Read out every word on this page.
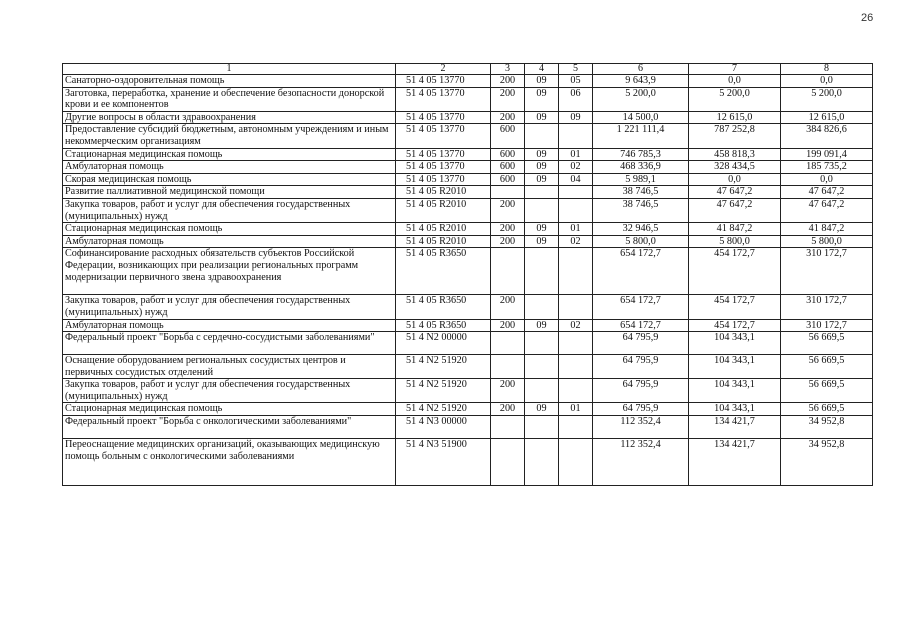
26
1	2	3	4	5	6	7	8
Санаторно-оздоровительная помощь	51 4 05 13770	200	09	05	9 643,9	0,0	0,0
Заготовка, переработка, хранение и обеспечение безопасности донорской крови и ее компонентов	51 4 05 13770	200	09	06	5 200,0	5 200,0	5 200,0
Другие вопросы в области здравоохранения	51 4 05 13770	200	09	09	14 500,0	12 615,0	12 615,0
Предоставление субсидий бюджетным, автономным учреждениям и иным некоммерческим организациям	51 4 05 13770	600			1 221 111,4	787 252,8	384 826,6
Стационарная медицинская помощь	51 4 05 13770	600	09	01	746 785,3	458 818,3	199 091,4
Амбулаторная помощь	51 4 05 13770	600	09	02	468 336,9	328 434,5	185 735,2
Скорая медицинская помощь	51 4 05 13770	600	09	04	5 989,1	0,0	0,0
Развитие паллиативной медицинской помощи	51 4 05 R2010				38 746,5	47 647,2	47 647,2
Закупка товаров, работ и услуг для обеспечения государственных (муниципальных) нужд	51 4 05 R2010	200			38 746,5	47 647,2	47 647,2
Стационарная медицинская помощь	51 4 05 R2010	200	09	01	32 946,5	41 847,2	41 847,2
Амбулаторная помощь	51 4 05 R2010	200	09	02	5 800,0	5 800,0	5 800,0
Софинансирование расходных обязательств субъектов Российской Федерации, возникающих при реализации региональных программ модернизации первичного звена здравоохранения	51 4 05 R3650				654 172,7	454 172,7	310 172,7
Закупка товаров, работ и услуг для обеспечения государственных (муниципальных) нужд	51 4 05 R3650	200			654 172,7	454 172,7	310 172,7
Амбулаторная помощь	51 4 05 R3650	200	09	02	654 172,7	454 172,7	310 172,7
Федеральный проект "Борьба с сердечно-сосудистыми заболеваниями"	51 4 N2 00000				64 795,9	104 343,1	56 669,5
Оснащение оборудованием региональных сосудистых центров и первичных сосудистых отделений	51 4 N2 51920				64 795,9	104 343,1	56 669,5
Закупка товаров, работ и услуг для обеспечения государственных (муниципальных) нужд	51 4 N2 51920	200			64 795,9	104 343,1	56 669,5
Стационарная медицинская помощь	51 4 N2 51920	200	09	01	64 795,9	104 343,1	56 669,5
Федеральный проект "Борьба с онкологическими заболеваниями"	51 4 N3 00000				112 352,4	134 421,7	34 952,8
Переоснащение медицинских организаций, оказывающих медицинскую помощь больным с онкологическими заболеваниями	51 4 N3 51900				112 352,4	134 421,7	34 952,8
